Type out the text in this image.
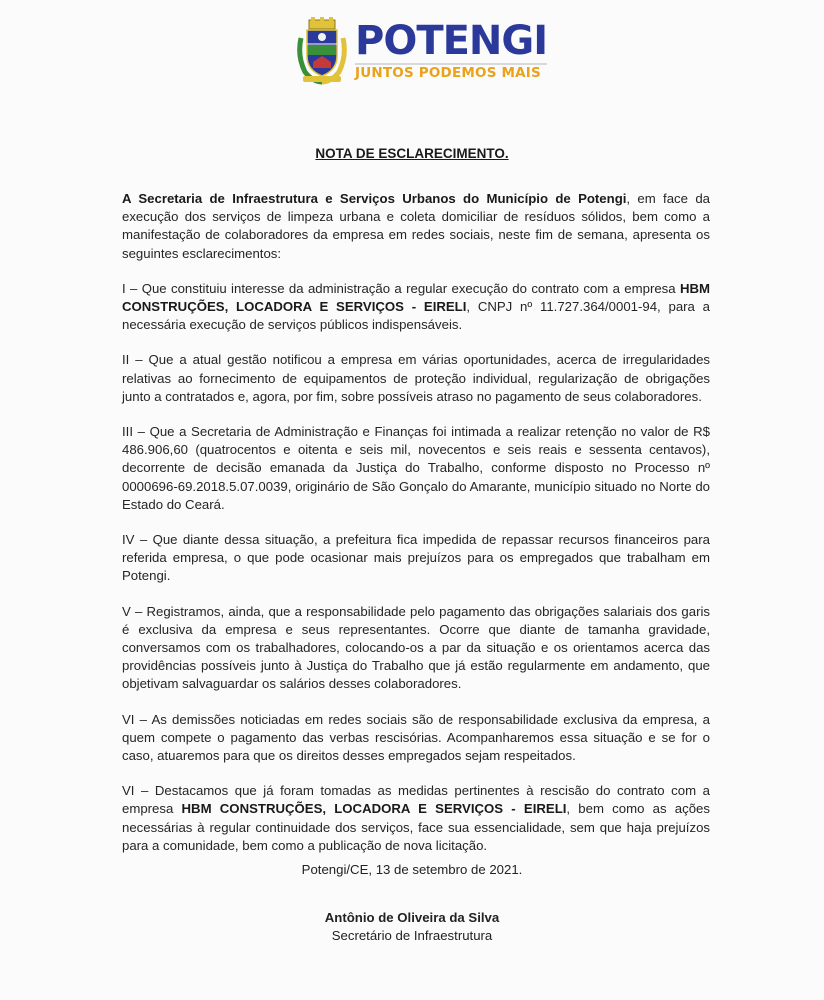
POTENGI
JUNTOS PODEMOS MAIS
NOTA DE ESCLARECIMENTO.

A Secretaria de Infraestrutura e Serviços Urbanos do Município de Potengi, em face da execução dos serviços de limpeza urbana e coleta domiciliar de resíduos sólidos, bem como a manifestação de colaboradores da empresa em redes sociais, neste fim de semana, apresenta os seguintes esclarecimentos:

I – Que constituiu interesse da administração a regular execução do contrato com a empresa HBM CONSTRUÇÕES, LOCADORA E SERVIÇOS - EIRELI, CNPJ nº 11.727.364/0001-94, para a necessária execução de serviços públicos indispensáveis.

II – Que a atual gestão notificou a empresa em várias oportunidades, acerca de irregularidades relativas ao fornecimento de equipamentos de proteção individual, regularização de obrigações junto a contratados e, agora, por fim, sobre possíveis atraso no pagamento de seus colaboradores.

III – Que a Secretaria de Administração e Finanças foi intimada a realizar retenção no valor de R$ 486.906,60 (quatrocentos e oitenta e seis mil, novecentos e seis reais e sessenta centavos), decorrente de decisão emanada da Justiça do Trabalho, conforme disposto no Processo nº 0000696-69.2018.5.07.0039, originário de São Gonçalo do Amarante, município situado no Norte do Estado do Ceará.

IV – Que diante dessa situação, a prefeitura fica impedida de repassar recursos financeiros para referida empresa, o que pode ocasionar mais prejuízos para os empregados que trabalham em Potengi.

V – Registramos, ainda, que a responsabilidade pelo pagamento das obrigações salariais dos garis é exclusiva da empresa e seus representantes. Ocorre que diante de tamanha gravidade, conversamos com os trabalhadores, colocando-os a par da situação e os orientamos acerca das providências possíveis junto à Justiça do Trabalho que já estão regularmente em andamento, que objetivam salvaguardar os salários desses colaboradores.

VI – As demissões noticiadas em redes sociais são de responsabilidade exclusiva da empresa, a quem compete o pagamento das verbas rescisórias. Acompanharemos essa situação e se for o caso, atuaremos para que os direitos desses empregados sejam respeitados.

VI – Destacamos que já foram tomadas as medidas pertinentes à rescisão do contrato com a empresa HBM CONSTRUÇÕES, LOCADORA E SERVIÇOS - EIRELI, bem como as ações necessárias à regular continuidade dos serviços, face sua essencialidade, sem que haja prejuízos para a comunidade, bem como a publicação de nova licitação.

Potengi/CE, 13 de setembro de 2021.
Antônio de Oliveira da Silva
Secretário de Infraestrutura
